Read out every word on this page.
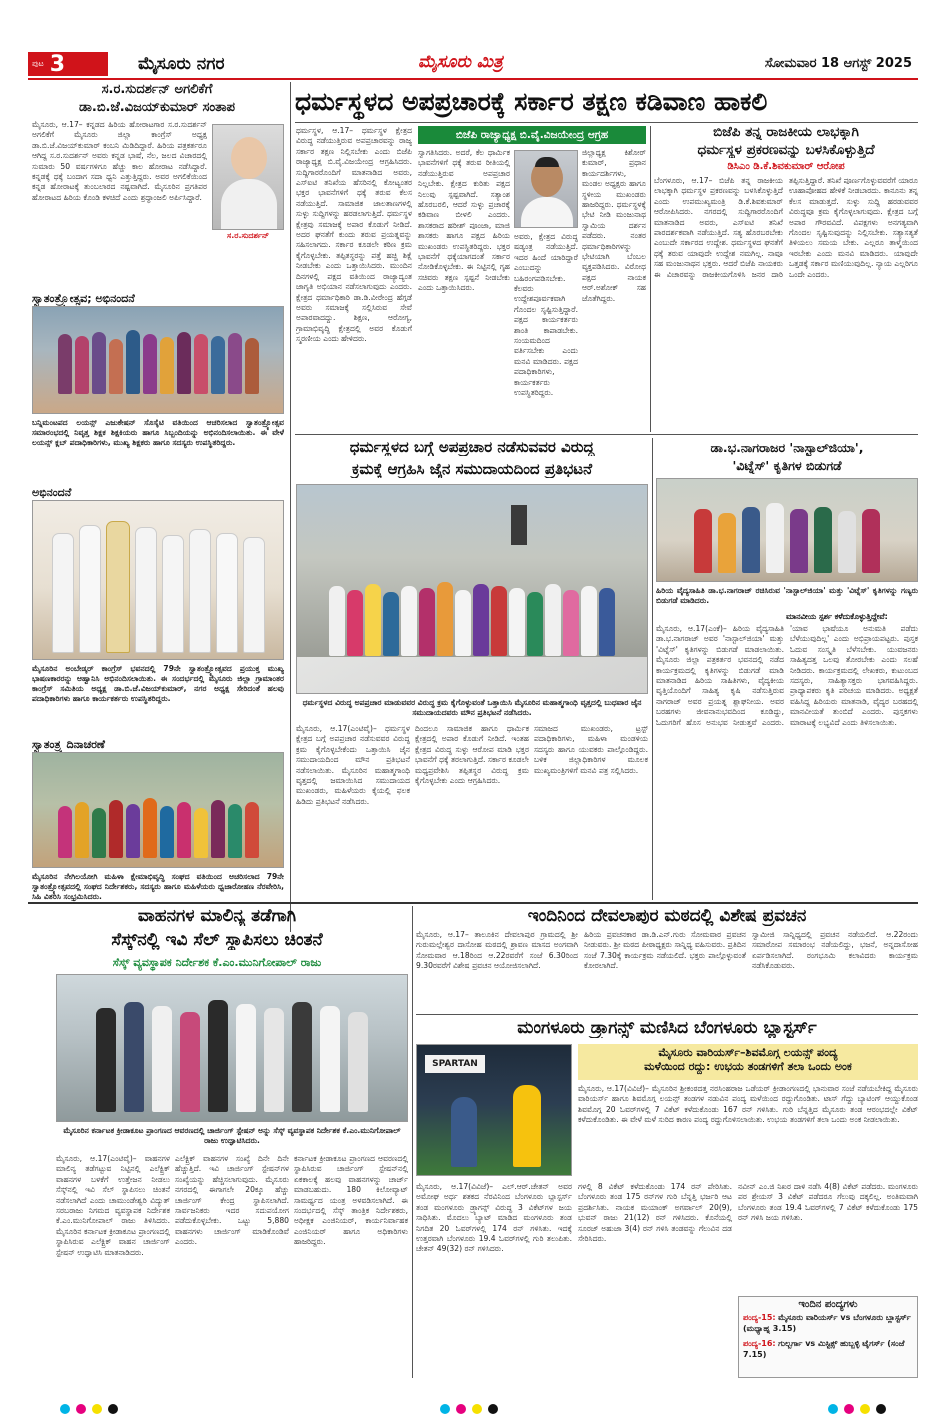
ಪುಟ 3	ಮೈಸೂರು ನಗರ	ಮೈಸೂರು ಮಿತ್ರ	ಸೋಮವಾರ 18 ಆಗಸ್ಟ್ 2025
ಸ.ರ.ಸುದರ್ಶನ್ ಅಗಲಿಕೆಗೆ
ಡಾ.ಬಿ.ಜೆ.ವಿಜಯ್‌ಕುಮಾರ್ ಸಂತಾಪ
ಮೈಸೂರು, ಆ.17– ಕನ್ನಡದ ಹಿರಿಯ ಹೋರಾಟಗಾರ ಸ.ರ.ಸುದರ್ಶನ್ ಅಗಲಿಕೆಗೆ ಮೈಸೂರು ಜಿಲ್ಲಾ ಕಾಂಗ್ರೆಸ್ ಅಧ್ಯಕ್ಷ ಡಾ.ಬಿ.ಜೆ.ವಿಜಯ್‌ಕುಮಾರ್ ಕಂಬನಿ ಮಿಡಿದಿದ್ದಾರೆ. ಹಿರಿಯ ಪತ್ರಕರ್ತರೂ ಆಗಿದ್ದ ಸ.ರ.ಸುದರ್ಶನ್ ಅವರು ಕನ್ನಡ ಭಾಷೆ, ನೆಲ, ಜಲದ ವಿಚಾರದಲ್ಲಿ ಸುಮಾರು 50 ವರ್ಷಗಳಿಗೂ ಹೆಚ್ಚು ಕಾಲ ಹೋರಾಟ ನಡೆಸಿದ್ದಾರೆ. ಕನ್ನಡಕ್ಕೆ ಧಕ್ಕೆ ಬಂದಾಗ ಸದಾ ಧ್ವನಿ ಎತ್ತುತ್ತಿದ್ದರು. ಅವರ ಅಗಲಿಕೆಯಿಂದ ಕನ್ನಡ ಹೋರಾಟಕ್ಕೆ ತುಂಬಲಾರದ ನಷ್ಟವಾಗಿದೆ. ಮೈಸೂರಿನ ಪ್ರಗತಿಪರ ಹೋರಾಟದ ಹಿರಿಯ ಕೊಂಡಿ ಕಳಚಿದೆ ಎಂದು ಶ್ರದ್ಧಾಂಜಲಿ ಅರ್ಪಿಸಿದ್ದಾರೆ.
ಸ.ರ.ಸುದರ್ಶನ್
ಸ್ವಾತಂತ್ರ್ಯೋತ್ಸವ; ಅಭಿನಂದನೆ
ಬನ್ನಿಮಂಟಪದ ಲಯನ್ಸ್ ಎಜುಕೇಷನ್ ಸೊಸೈಟಿ ವತಿಯಿಂದ ಆಚರಿಸಲಾದ ಸ್ವಾತಂತ್ರ್ಯೋತ್ಸವ ಸಮಾರಂಭದಲ್ಲಿ ನಿವೃತ್ತ ಶಿಕ್ಷಕ ಶಿಕ್ಷಕಿಯರು ಹಾಗೂ ಸಿಬ್ಬಂದಿಯನ್ನು ಅಭಿನಂದಿಸಲಾಯಿತು. ಈ ವೇಳೆ ಲಯನ್ಸ್ ಕ್ಲಬ್ ಪದಾಧಿಕಾರಿಗಳು, ಮುಖ್ಯ ಶಿಕ್ಷಕರು ಹಾಗೂ ಸದಸ್ಯರು ಉಪಸ್ಥಿತರಿದ್ದರು.
ಅಭಿನಂದನೆ
ಮೈಸೂರಿನ ಅಂಬೇಡ್ಕರ್ ಕಾಂಗ್ರೆಸ್ ಭವನದಲ್ಲಿ 79ನೇ ಸ್ವಾತಂತ್ರ್ಯೋತ್ಸವದ ಪ್ರಯುಕ್ತ ಮುಖ್ಯ ಭಾಷಣಕಾರರನ್ನು ಆಹ್ವಾನಿಸಿ ಅಭಿನಂದಿಸಲಾಯಿತು. ಈ ಸಂದರ್ಭದಲ್ಲಿ ಮೈಸೂರು ಜಿಲ್ಲಾ ಗ್ರಾಮಾಂತರ ಕಾಂಗ್ರೆಸ್ ಸಮಿತಿಯ ಅಧ್ಯಕ್ಷ ಡಾ.ಬಿ.ಜೆ.ವಿಜಯ್‌ಕುಮಾರ್, ನಗರ ಅಧ್ಯಕ್ಷ ಸೇರಿದಂತೆ ಹಲವು ಪದಾಧಿಕಾರಿಗಳು ಹಾಗೂ ಕಾರ್ಯಕರ್ತರು ಉಪಸ್ಥಿತರಿದ್ದರು.
ಸ್ವಾತಂತ್ರ್ಯ ದಿನಾಚರಣೆ
ಮೈಸೂರಿನ ನೇಗಿಲಯೋಗಿ ಮಹಿಳಾ ಕ್ಷೇಮಾಭಿವೃದ್ಧಿ ಸಂಘದ ವತಿಯಿಂದ ಆಚರಿಸಲಾದ 79ನೇ ಸ್ವಾತಂತ್ರ್ಯೋತ್ಸವದಲ್ಲಿ ಸಂಘದ ನಿರ್ದೇಶಕರು, ಸದಸ್ಯರು ಹಾಗೂ ಮಹಿಳೆಯರು ಧ್ವಜಾರೋಹಣ ನೆರವೇರಿಸಿ, ಸಿಹಿ ವಿತರಿಸಿ ಸಂಭ್ರಮಿಸಿದರು.
ಧರ್ಮಸ್ಥಳದ ಅಪಪ್ರಚಾರಕ್ಕೆ ಸರ್ಕಾರ ತಕ್ಷಣ ಕಡಿವಾಣ ಹಾಕಲಿ
ಧರ್ಮಸ್ಥಳ, ಆ.17– ಧರ್ಮಸ್ಥಳ ಕ್ಷೇತ್ರದ ವಿರುದ್ಧ ನಡೆಯುತ್ತಿರುವ ಅಪಪ್ರಚಾರವನ್ನು ರಾಜ್ಯ ಸರ್ಕಾರ ತಕ್ಷಣ ನಿಲ್ಲಿಸಬೇಕು ಎಂದು ಬಿಜೆಪಿ ರಾಜ್ಯಾಧ್ಯಕ್ಷ ಬಿ.ವೈ.ವಿಜಯೇಂದ್ರ ಆಗ್ರಹಿಸಿದರು. ಸುದ್ದಿಗಾರರೊಂದಿಗೆ ಮಾತನಾಡಿದ ಅವರು, ಎಸ್‌ಐಟಿ ತನಿಖೆಯ ಹೆಸರಿನಲ್ಲಿ ಕೋಟ್ಯಂತರ ಭಕ್ತರ ಭಾವನೆಗಳಿಗೆ ಧಕ್ಕೆ ತರುವ ಕೆಲಸ ನಡೆಯುತ್ತಿದೆ. ಸಾಮಾಜಿಕ ಜಾಲತಾಣಗಳಲ್ಲಿ ಸುಳ್ಳು ಸುದ್ದಿಗಳನ್ನು ಹರಡಲಾಗುತ್ತಿದೆ. ಧರ್ಮಸ್ಥಳ ಕ್ಷೇತ್ರವು ಸಮಾಜಕ್ಕೆ ಅಪಾರ ಕೊಡುಗೆ ನೀಡಿದೆ. ಅದರ ಘನತೆಗೆ ಕುಂದು ತರುವ ಪ್ರಯತ್ನವನ್ನು ಸಹಿಸಲಾಗದು. ಸರ್ಕಾರ ಕೂಡಲೇ ಕಠಿಣ ಕ್ರಮ ಕೈಗೊಳ್ಳಬೇಕು. ತಪ್ಪಿತಸ್ಥರನ್ನು ಪತ್ತೆ ಹಚ್ಚಿ ಶಿಕ್ಷೆ ನೀಡಬೇಕು ಎಂದು ಒತ್ತಾಯಿಸಿದರು. ಮುಂದಿನ ದಿನಗಳಲ್ಲಿ ಪಕ್ಷದ ವತಿಯಿಂದ ರಾಜ್ಯಾದ್ಯಂತ ಜಾಗೃತಿ ಅಭಿಯಾನ ನಡೆಸಲಾಗುವುದು ಎಂದರು. ಕ್ಷೇತ್ರದ ಧರ್ಮಾಧಿಕಾರಿ ಡಾ.ಡಿ.ವೀರೇಂದ್ರ ಹೆಗ್ಗಡೆ ಅವರು ಸಮಾಜಕ್ಕೆ ಸಲ್ಲಿಸಿರುವ ಸೇವೆ ಅಪಾರವಾದದ್ದು. ಶಿಕ್ಷಣ, ಆರೋಗ್ಯ, ಗ್ರಾಮಾಭಿವೃದ್ಧಿ ಕ್ಷೇತ್ರದಲ್ಲಿ ಅವರ ಕೊಡುಗೆ ಸ್ಮರಣೀಯ ಎಂದು ಹೇಳಿದರು.
ಬಿಜೆಪಿ ರಾಜ್ಯಾಧ್ಯಕ್ಷ ಬಿ.ವೈ.ವಿಜಯೇಂದ್ರ ಆಗ್ರಹ
ಸ್ವಾಗತಿಸಿದರು. ಅದರೆ, ಕೆಲ ಧಾರ್ಮಿಕ ಭಾವನೆಗಳಿಗೆ ಧಕ್ಕೆ ತರುವ ರೀತಿಯಲ್ಲಿ ನಡೆಯುತ್ತಿರುವ ಅಪಪ್ರಚಾರ ನಿಲ್ಲಬೇಕು. ಕ್ಷೇತ್ರದ ಕುರಿತು ಪಕ್ಷದ ನಿಲುವು ಸ್ಪಷ್ಟವಾಗಿದೆ. ಸತ್ಯಾಂಶ ಹೊರಬರಲಿ, ಆದರೆ ಸುಳ್ಳು ಪ್ರಚಾರಕ್ಕೆ ಕಡಿವಾಣ ಬೀಳಲಿ ಎಂದರು. ಶಾಸಕರಾದ ಹರೀಶ್ ಪೂಂಜಾ, ಮಾಜಿ ಶಾಸಕರು ಹಾಗೂ ಪಕ್ಷದ ಹಿರಿಯ ಮುಖಂಡರು ಉಪಸ್ಥಿತರಿದ್ದರು. ಭಕ್ತರ ಭಾವನೆಗೆ ಧಕ್ಕೆಯಾಗದಂತೆ ಸರ್ಕಾರ ನೋಡಿಕೊಳ್ಳಬೇಕು. ಈ ನಿಟ್ಟಿನಲ್ಲಿ ಗೃಹ ಸಚಿವರು ತಕ್ಷಣ ಸ್ಪಷ್ಟನೆ ನೀಡಬೇಕು ಎಂದು ಒತ್ತಾಯಿಸಿದರು.
ಅವರು, ಕ್ಷೇತ್ರದ ವಿರುದ್ಧ ಷಡ್ಯಂತ್ರ ನಡೆಯುತ್ತಿದೆ. ಇದರ ಹಿಂದೆ ಯಾರಿದ್ದಾರೆ ಎಂಬುದನ್ನು ಬಹಿರಂಗಪಡಿಸಬೇಕು. ಕೆಲವರು ಉದ್ದೇಶಪೂರ್ವಕವಾಗಿ ಗೊಂದಲ ಸೃಷ್ಟಿಸುತ್ತಿದ್ದಾರೆ. ಪಕ್ಷದ ಕಾರ್ಯಕರ್ತರು ಶಾಂತಿ ಕಾಪಾಡಬೇಕು. ಸಂಯಮದಿಂದ ವರ್ತಿಸಬೇಕು ಎಂದು ಮನವಿ ಮಾಡಿದರು. ಪಕ್ಷದ ಪದಾಧಿಕಾರಿಗಳು, ಕಾರ್ಯಕರ್ತರು ಉಪಸ್ಥಿತರಿದ್ದರು.
ಜಿಲ್ಲಾಧ್ಯಕ್ಷ ಕಿಶೋರ್ ಕುಮಾರ್, ಪ್ರಧಾನ ಕಾರ್ಯದರ್ಶಿಗಳು, ಮಂಡಲ ಅಧ್ಯಕ್ಷರು ಹಾಗೂ ಸ್ಥಳೀಯ ಮುಖಂಡರು ಹಾಜರಿದ್ದರು. ಧರ್ಮಸ್ಥಳಕ್ಕೆ ಭೇಟಿ ನೀಡಿ ಮಂಜುನಾಥ ಸ್ವಾಮಿಯ ದರ್ಶನ ಪಡೆದರು. ನಂತರ ಧರ್ಮಾಧಿಕಾರಿಗಳನ್ನು ಭೇಟಿಯಾಗಿ ಬೆಂಬಲ ವ್ಯಕ್ತಪಡಿಸಿದರು. ವಿರೋಧ ಪಕ್ಷದ ನಾಯಕ ಆರ್.ಅಶೋಕ್ ಸಹ ಜೊತೆಗಿದ್ದರು.
ಬಿಜೆಪಿ ತನ್ನ ರಾಜಕೀಯ ಲಾಭಕ್ಕಾಗಿ
ಧರ್ಮಸ್ಥಳ ಪ್ರಕರಣವನ್ನು ಬಳಸಿಕೊಳ್ಳುತ್ತಿದೆ
ಡಿಸಿಎಂ ಡಿ.ಕೆ.ಶಿವಕುಮಾರ್ ಆರೋಪ
ಬೆಂಗಳೂರು, ಆ.17– ಬಿಜೆಪಿ ತನ್ನ ರಾಜಕೀಯ ಲಾಭಕ್ಕಾಗಿ ಧರ್ಮಸ್ಥಳ ಪ್ರಕರಣವನ್ನು ಬಳಸಿಕೊಳ್ಳುತ್ತಿದೆ ಎಂದು ಉಪಮುಖ್ಯಮಂತ್ರಿ ಡಿ.ಕೆ.ಶಿವಕುಮಾರ್ ಆರೋಪಿಸಿದರು. ನಗರದಲ್ಲಿ ಸುದ್ದಿಗಾರರೊಂದಿಗೆ ಮಾತನಾಡಿದ ಅವರು, ಎಸ್‌ಐಟಿ ತನಿಖೆ ಪಾರದರ್ಶಕವಾಗಿ ನಡೆಯುತ್ತಿದೆ. ಸತ್ಯ ಹೊರಬರಬೇಕು ಎಂಬುದೇ ಸರ್ಕಾರದ ಉದ್ದೇಶ. ಧರ್ಮಸ್ಥಳದ ಘನತೆಗೆ ಧಕ್ಕೆ ತರುವ ಯಾವುದೇ ಉದ್ದೇಶ ನಮಗಿಲ್ಲ. ನಾವೂ ಸಹ ಮಂಜುನಾಥನ ಭಕ್ತರು. ಆದರೆ ಬಿಜೆಪಿ ನಾಯಕರು ಈ ವಿಚಾರವನ್ನು ರಾಜಕೀಯಗೊಳಿಸಿ ಜನರ ದಾರಿ ತಪ್ಪಿಸುತ್ತಿದ್ದಾರೆ. ತನಿಖೆ ಪೂರ್ಣಗೊಳ್ಳುವವರೆಗೆ ಯಾರೂ ಊಹಾಪೋಹದ ಹೇಳಿಕೆ ನೀಡಬಾರದು. ಕಾನೂನು ತನ್ನ ಕೆಲಸ ಮಾಡುತ್ತದೆ. ಸುಳ್ಳು ಸುದ್ದಿ ಹರಡುವವರ ವಿರುದ್ಧವೂ ಕ್ರಮ ಕೈಗೊಳ್ಳಲಾಗುವುದು. ಕ್ಷೇತ್ರದ ಬಗ್ಗೆ ಅಪಾರ ಗೌರವವಿದೆ. ವಿಪಕ್ಷಗಳು ಅನಗತ್ಯವಾಗಿ ಗೊಂದಲ ಸೃಷ್ಟಿಸುವುದನ್ನು ನಿಲ್ಲಿಸಬೇಕು. ಸತ್ಯಾಸತ್ಯತೆ ತಿಳಿಯಲು ಸಮಯ ಬೇಕು. ಎಲ್ಲರೂ ತಾಳ್ಮೆಯಿಂದ ಇರಬೇಕು ಎಂದು ಮನವಿ ಮಾಡಿದರು. ಯಾವುದೇ ಒತ್ತಡಕ್ಕೆ ಸರ್ಕಾರ ಮಣಿಯುವುದಿಲ್ಲ. ನ್ಯಾಯ ಎಲ್ಲರಿಗೂ ಒಂದೇ ಎಂದರು.
ಧರ್ಮಸ್ಥಳದ ಬಗ್ಗೆ ಅಪಪ್ರಚಾರ ನಡೆಸುವವರ ವಿರುದ್ಧ
ಕ್ರಮಕ್ಕೆ ಆಗ್ರಹಿಸಿ ಜೈನ ಸಮುದಾಯದಿಂದ ಪ್ರತಿಭಟನೆ
ಧರ್ಮಸ್ಥಳದ ವಿರುದ್ಧ ಅಪಪ್ರಚಾರ ಮಾಡುವವರ ವಿರುದ್ಧ ಕ್ರಮ ಕೈಗೊಳ್ಳುವಂತೆ ಒತ್ತಾಯಿಸಿ ಮೈಸೂರಿನ ಮಹಾತ್ಮಗಾಂಧಿ ವೃತ್ತದಲ್ಲಿ ಬುಧವಾರ ಜೈನ ಸಮುದಾಯದವರು ಮೌನ ಪ್ರತಿಭಟನೆ ನಡೆಸಿದರು.
ಮೈಸೂರು, ಆ.17(ಎಂಟಿವೈ)– ಧರ್ಮಸ್ಥಳ ಕ್ಷೇತ್ರದ ಬಗ್ಗೆ ಅಪಪ್ರಚಾರ ನಡೆಸುವವರ ವಿರುದ್ಧ ಕ್ರಮ ಕೈಗೊಳ್ಳಬೇಕೆಂದು ಒತ್ತಾಯಿಸಿ ಜೈನ ಸಮುದಾಯದಿಂದ ಮೌನ ಪ್ರತಿಭಟನೆ ನಡೆಸಲಾಯಿತು. ಮೈಸೂರಿನ ಮಹಾತ್ಮಗಾಂಧಿ ವೃತ್ತದಲ್ಲಿ ಜಮಾಯಿಸಿದ ಸಮುದಾಯದ ಮುಖಂಡರು, ಮಹಿಳೆಯರು ಕೈಯಲ್ಲಿ ಫಲಕ ಹಿಡಿದು ಪ್ರತಿಭಟನೆ ನಡೆಸಿದರು.
ದಿಂದಲೂ ಸಾಮಾಜಿಕ ಹಾಗೂ ಧಾರ್ಮಿಕ ಕ್ಷೇತ್ರದಲ್ಲಿ ಅಪಾರ ಕೊಡುಗೆ ನೀಡಿದೆ. ಇಂತಹ ಕ್ಷೇತ್ರದ ವಿರುದ್ಧ ಸುಳ್ಳು ಆರೋಪ ಮಾಡಿ ಭಕ್ತರ ಭಾವನೆಗೆ ಧಕ್ಕೆ ತರಲಾಗುತ್ತಿದೆ. ಸರ್ಕಾರ ಕೂಡಲೇ ಮಧ್ಯಪ್ರವೇಶಿಸಿ ತಪ್ಪಿತಸ್ಥರ ವಿರುದ್ಧ ಕ್ರಮ ಕೈಗೊಳ್ಳಬೇಕು ಎಂದು ಆಗ್ರಹಿಸಿದರು.
ಸಮಾಜದ ಮುಖಂಡರು, ಟ್ರಸ್ಟ್ ಪದಾಧಿಕಾರಿಗಳು, ಮಹಿಳಾ ಮಂಡಳಿಯ ಸದಸ್ಯರು ಹಾಗೂ ಯುವಕರು ಪಾಲ್ಗೊಂಡಿದ್ದರು. ಬಳಿಕ ಜಿಲ್ಲಾಧಿಕಾರಿಗಳ ಮೂಲಕ ಮುಖ್ಯಮಂತ್ರಿಗಳಿಗೆ ಮನವಿ ಪತ್ರ ಸಲ್ಲಿಸಿದರು.
ಡಾ.ಭ.ನಾಗರಾಜರ 'ನಾಸ್ಟಾಲ್‌ಜಿಯಾ',
'ವಿಟ್ನೆಸ್' ಕೃತಿಗಳ ಬಿಡುಗಡೆ
ಹಿರಿಯ ವೈದ್ಯಸಾಹಿತಿ ಡಾ.ಭ.ನಾಗರಾಜ್ ರಚಿಸಿರುವ 'ನಾಸ್ಟಾಲ್‌ಜಿಯಾ' ಮತ್ತು 'ವಿಟ್ನೆಸ್' ಕೃತಿಗಳನ್ನು ಗಣ್ಯರು ಬಿಡುಗಡೆ ಮಾಡಿದರು.
ಮಾನವೀಯ ಸ್ಪರ್ಶ ಕಳೆದುಕೊಳ್ಳುತ್ತಿದ್ದೇವೆ:
ಮೈಸೂರು, ಆ.17(ಎಂಕೆ)– ಹಿರಿಯ ವೈದ್ಯಸಾಹಿತಿ ಡಾ.ಭ.ನಾಗರಾಜ್ ಅವರ 'ನಾಸ್ಟಾಲ್‌ಜಿಯಾ' ಮತ್ತು 'ವಿಟ್ನೆಸ್' ಕೃತಿಗಳನ್ನು ಬಿಡುಗಡೆ ಮಾಡಲಾಯಿತು. ಮೈಸೂರು ಜಿಲ್ಲಾ ಪತ್ರಕರ್ತರ ಭವನದಲ್ಲಿ ನಡೆದ ಕಾರ್ಯಕ್ರಮದಲ್ಲಿ ಕೃತಿಗಳನ್ನು ಬಿಡುಗಡೆ ಮಾಡಿ ಮಾತನಾಡಿದ ಹಿರಿಯ ಸಾಹಿತಿಗಳು, ವೈದ್ಯಕೀಯ ವೃತ್ತಿಯೊಂದಿಗೆ ಸಾಹಿತ್ಯ ಕೃಷಿ ನಡೆಸುತ್ತಿರುವ ನಾಗರಾಜ್ ಅವರ ಪ್ರಯತ್ನ ಶ್ಲಾಘನೀಯ. ಅವರ ಬರಹಗಳು ಜೀವನಾನುಭವದಿಂದ ಕೂಡಿದ್ದು, ಓದುಗರಿಗೆ ಹೊಸ ಅನುಭವ ನೀಡುತ್ತವೆ ಎಂದರು. 'ಯಾವ ಭಾಷೆಯೂ ಅನುಮತಿ ಪಡೆದು ಬೆಳೆಯುವುದಿಲ್ಲ' ಎಂದು ಅಭಿಪ್ರಾಯಪಟ್ಟರು. ಪುಸ್ತಕ ಓದುವ ಸಂಸ್ಕೃತಿ ಬೆಳೆಸಬೇಕು. ಯುವಜನರು ಸಾಹಿತ್ಯದತ್ತ ಒಲವು ತೋರಬೇಕು ಎಂದು ಸಲಹೆ ನೀಡಿದರು. ಕಾರ್ಯಕ್ರಮದಲ್ಲಿ ಲೇಖಕರು, ಕುಟುಂಬದ ಸದಸ್ಯರು, ಸಾಹಿತ್ಯಾಸಕ್ತರು ಭಾಗವಹಿಸಿದ್ದರು. ಪ್ರಾಧ್ಯಾಪಕರು ಕೃತಿ ಪರಿಚಯ ಮಾಡಿದರು. ಅಧ್ಯಕ್ಷತೆ ವಹಿಸಿದ್ದ ಹಿರಿಯರು ಮಾತನಾಡಿ, ವೈದ್ಯರ ಬರಹದಲ್ಲಿ ಮಾನವೀಯತೆ ತುಂಬಿದೆ ಎಂದರು. ಪುಸ್ತಕಗಳು ಮಾರಾಟಕ್ಕೆ ಲಭ್ಯವಿದೆ ಎಂದು ತಿಳಿಸಲಾಯಿತು.
ವಾಹನಗಳ ಮಾಲಿನ್ಯ ತಡೆಗಾಗಿ
ಸೆಸ್ಕ್‌ನಲ್ಲಿ ಇವಿ ಸೆಲ್ ಸ್ಥಾಪಿಸಲು ಚಿಂತನೆ
ಸೆಸ್ಕ್ ವ್ಯವಸ್ಥಾಪಕ ನಿರ್ದೇಶಕ ಕೆ.ಎಂ.ಮುನಿಗೋಪಾಲ್ ರಾಜು
ಮೈಸೂರಿನ ಕರ್ನಾಟಕ ಕ್ರೀಡಾಕೂಟ ಪ್ರಾಂಗಣದ ಆವರಣದಲ್ಲಿ ಚಾರ್ಜಿಂಗ್ ಸ್ಟೇಷನ್ ಅನ್ನು ಸೆಸ್ಕ್ ವ್ಯವಸ್ಥಾಪಕ ನಿರ್ದೇಶಕ ಕೆ.ಎಂ.ಮುನಿಗೋಪಾಲ್ ರಾಜು ಉದ್ಘಾಟಿಸಿದರು.
ಮೈಸೂರು, ಆ.17(ಎಂಟಿವೈ)– ವಾಹನಗಳ ಮಾಲಿನ್ಯ ತಡೆಗಟ್ಟುವ ನಿಟ್ಟಿನಲ್ಲಿ ಎಲೆಕ್ಟ್ರಿಕ್ ವಾಹನಗಳ ಬಳಕೆಗೆ ಉತ್ತೇಜನ ನೀಡಲು ಸೆಸ್ಕ್‌ನಲ್ಲಿ ಇವಿ ಸೆಲ್ ಸ್ಥಾಪಿಸಲು ಚಿಂತನೆ ನಡೆಸಲಾಗಿದೆ ಎಂದು ಚಾಮುಂಡೇಶ್ವರಿ ವಿದ್ಯುತ್ ಸರಬರಾಜು ನಿಗಮದ ವ್ಯವಸ್ಥಾಪಕ ನಿರ್ದೇಶಕ ಕೆ.ಎಂ.ಮುನಿಗೋಪಾಲ್ ರಾಜು ತಿಳಿಸಿದರು. ಮೈಸೂರಿನ ಕರ್ನಾಟಕ ಕ್ರೀಡಾಕೂಟ ಪ್ರಾಂಗಣದಲ್ಲಿ ಸ್ಥಾಪಿಸಿರುವ ಎಲೆಕ್ಟ್ರಿಕ್ ವಾಹನ ಚಾರ್ಜಿಂಗ್ ಸ್ಟೇಷನ್ ಉದ್ಘಾಟಿಸಿ ಮಾತನಾಡಿದರು.
ಎಲೆಕ್ಟ್ರಿಕ್ ವಾಹನಗಳ ಸಂಖ್ಯೆ ದಿನೇ ದಿನೇ ಹೆಚ್ಚುತ್ತಿದೆ. ಇವಿ ಚಾರ್ಜಿಂಗ್ ಸ್ಟೇಷನ್‌ಗಳ ಸಂಖ್ಯೆಯನ್ನು ಹೆಚ್ಚಿಸಲಾಗುವುದು. ಮೈಸೂರು ನಗರದಲ್ಲಿ ಈಗಾಗಲೇ 20ಕ್ಕೂ ಹೆಚ್ಚು ಚಾರ್ಜಿಂಗ್ ಕೇಂದ್ರ ಸ್ಥಾಪಿಸಲಾಗಿದೆ. ಸಾರ್ವಜನಿಕರು ಇದರ ಸದುಪಯೋಗ ಪಡೆದುಕೊಳ್ಳಬೇಕು. ಒಟ್ಟು 5,880 ವಾಹನಗಳು ಚಾರ್ಜಿಂಗ್ ಮಾಡಿಕೊಂಡಿವೆ ಎಂದರು.
ಕರ್ನಾಟಕ ಕ್ರೀಡಾಕೂಟ ಪ್ರಾಂಗಣದ ಆವರಣದಲ್ಲಿ ಸ್ಥಾಪಿಸಿರುವ ಚಾರ್ಜಿಂಗ್ ಸ್ಟೇಷನ್‌ನಲ್ಲಿ ಏಕಕಾಲಕ್ಕೆ ಹಲವು ವಾಹನಗಳನ್ನು ಚಾರ್ಜ್ ಮಾಡಬಹುದು. 180 ಕಿಲೋವ್ಯಾಟ್ ಸಾಮರ್ಥ್ಯದ ಯಂತ್ರ ಅಳವಡಿಸಲಾಗಿದೆ. ಈ ಸಂದರ್ಭದಲ್ಲಿ ಸೆಸ್ಕ್ ತಾಂತ್ರಿಕ ನಿರ್ದೇಶಕರು, ಅಧೀಕ್ಷಕ ಎಂಜಿನಿಯರ್, ಕಾರ್ಯನಿರ್ವಾಹಕ ಎಂಜಿನಿಯರ್ ಹಾಗೂ ಅಧಿಕಾರಿಗಳು ಹಾಜರಿದ್ದರು.
ಇಂದಿನಿಂದ ದೇವಲಾಪುರ ಮಠದಲ್ಲಿ ವಿಶೇಷ ಪ್ರವಚನ
ಮೈಸೂರು, ಆ.17– ತಾಲೂಕಿನ ದೇವಲಾಪುರ ಗ್ರಾಮದಲ್ಲಿ ಶ್ರೀ ಗುರುಮಲ್ಲೇಶ್ವರ ದಾಸೋಹ ಮಠದಲ್ಲಿ ಶ್ರಾವಣ ಮಾಸದ ಅಂಗವಾಗಿ ಸೋಮವಾರ ಆ.18ರಿಂದ ಆ.22ರವರೆಗೆ ಸಂಜೆ 6.30ರಿಂದ 9.30ರವರೆಗೆ ವಿಶೇಷ ಪ್ರವಚನ ಆಯೋಜಿಸಲಾಗಿದೆ.
ಹಿರಿಯ ಪ್ರವಚನಕಾರ ಡಾ.ಡಿ.ಎನ್.ಗುರು ಸೋಮವಾರ ಪ್ರವಚನ ನೀಡುವರು. ಶ್ರೀ ಮಠದ ಪೀಠಾಧ್ಯಕ್ಷರು ಸಾನ್ನಿಧ್ಯ ವಹಿಸುವರು. ಪ್ರತಿದಿನ ಸಂಜೆ 7.30ಕ್ಕೆ ಕಾರ್ಯಕ್ರಮ ನಡೆಯಲಿದೆ. ಭಕ್ತರು ಪಾಲ್ಗೊಳ್ಳುವಂತೆ ಕೋರಲಾಗಿದೆ.
ಸ್ವಾಮೀಜಿ ಸಾನ್ನಿಧ್ಯದಲ್ಲಿ ಪ್ರವಚನ ನಡೆಯಲಿದೆ. ಆ.22ರಂದು ಸಮಾರೋಪ ಸಮಾರಂಭ ನಡೆಯಲಿದ್ದು, ಭಜನೆ, ಅನ್ನದಾಸೋಹ ಏರ್ಪಡಿಸಲಾಗಿದೆ. ರಂಗಭೂಮಿ ಕಲಾವಿದರು ಕಾರ್ಯಕ್ರಮ ನಡೆಸಿಕೊಡುವರು.
ಮಂಗಳೂರು ಡ್ರ್ಯಾಗನ್ಸ್ ಮಣಿಸಿದ ಬೆಂಗಳೂರು ಬ್ಲಾಸ್ಟರ್ಸ್
SPARTAN
ಮೈಸೂರು ವಾರಿಯರ್ಸ್–ಶಿವಮೊಗ್ಗ ಲಯನ್ಸ್ ಪಂದ್ಯ
ಮಳೆಯಿಂದ ರದ್ದು: ಉಭಯ ತಂಡಗಳಿಗೆ ತಲಾ ಒಂದು ಅಂಕ
ಮೈಸೂರು, ಆ.17(ವಿವಿಜೆ)– ಮೈಸೂರಿನ ಶ್ರೀಕಂಠದತ್ತ ನರಸಿಂಹರಾಜ ಒಡೆಯರ್ ಕ್ರೀಡಾಂಗಣದಲ್ಲಿ ಭಾನುವಾರ ಸಂಜೆ ನಡೆಯಬೇಕಿದ್ದ ಮೈಸೂರು ವಾರಿಯರ್ಸ್ ಹಾಗೂ ಶಿವಮೊಗ್ಗ ಲಯನ್ಸ್ ತಂಡಗಳ ನಡುವಿನ ಪಂದ್ಯ ಮಳೆಯಿಂದ ರದ್ದುಗೊಂಡಿತು. ಟಾಸ್ ಗೆದ್ದು ಬ್ಯಾಟಿಂಗ್ ಆಯ್ದುಕೊಂಡ ಶಿವಮೊಗ್ಗ 20 ಓವರ್‌ಗಳಲ್ಲಿ 7 ವಿಕೆಟ್ ಕಳೆದುಕೊಂಡು 167 ರನ್ ಗಳಿಸಿತು. ಗುರಿ ಬೆನ್ನತ್ತಿದ ಮೈಸೂರು ತಂಡ ಆರಂಭದಲ್ಲೇ ವಿಕೆಟ್ ಕಳೆದುಕೊಂಡಿತು. ಈ ವೇಳೆ ಮಳೆ ಸುರಿದ ಕಾರಣ ಪಂದ್ಯ ರದ್ದುಗೊಳಿಸಲಾಯಿತು. ಉಭಯ ತಂಡಗಳಿಗೆ ತಲಾ ಒಂದು ಅಂಕ ನೀಡಲಾಯಿತು.
ಮೈಸೂರು, ಆ.17(ವಿವಿಜೆ)– ಎಲ್.ಆರ್.ಚೇತನ್ ಅವರ ಅಮೋಘ ಅರ್ಧ ಶತಕದ ನೆರವಿನಿಂದ ಬೆಂಗಳೂರು ಬ್ಲಾಸ್ಟರ್ಸ್ ತಂಡ ಮಂಗಳೂರು ಡ್ರ್ಯಾಗನ್ಸ್ ವಿರುದ್ಧ 3 ವಿಕೆಟ್‌ಗಳ ಜಯ ಸಾಧಿಸಿತು. ಮೊದಲು ಬ್ಯಾಟ್ ಮಾಡಿದ ಮಂಗಳೂರು ತಂಡ ನಿಗದಿತ 20 ಓವರ್‌ಗಳಲ್ಲಿ 174 ರನ್ ಗಳಿಸಿತು. ಇದಕ್ಕೆ ಉತ್ತರವಾಗಿ ಬೆಂಗಳೂರು 19.4 ಓವರ್‌ಗಳಲ್ಲಿ ಗುರಿ ತಲುಪಿತು. ಚೇತನ್ 49(32) ರನ್ ಗಳಿಸಿದರು.
ಗಳಲ್ಲಿ 8 ವಿಕೆಟ್ ಕಳೆದುಕೊಂಡು 174 ರನ್ ಪೇರಿಸಿತು. ಬೆಂಗಳೂರು ತಂಡ 175 ರನ್‌ಗಳ ಗುರಿ ಬೆನ್ನತ್ತಿ ಭರ್ಜರಿ ಆಟ ಪ್ರದರ್ಶಿಸಿತು. ನಾಯಕ ಮಯಾಂಕ್ ಅಗರ್ವಾಲ್ 20(9), ಭುವನ್ ರಾಜು 21(12) ರನ್ ಗಳಿಸಿದರು. ಕೊನೆಯಲ್ಲಿ ಸೂರಜ್ ಅಹುಜಾ 3(4) ರನ್ ಗಳಿಸಿ ತಂಡವನ್ನು ಗೆಲುವಿನ ದಡ ಸೇರಿಸಿದರು.
ನವೀನ್ ಎಂ.ಜಿ ನಿಖರ ದಾಳಿ ನಡೆಸಿ 4(8) ವಿಕೆಟ್ ಪಡೆದರು. ಮಂಗಳೂರು ಪರ ಶ್ರೇಯಸ್ 3 ವಿಕೆಟ್ ಪಡೆದರೂ ಗೆಲುವು ದಕ್ಕಲಿಲ್ಲ. ಅಂತಿಮವಾಗಿ ಬೆಂಗಳೂರು ತಂಡ 19.4 ಓವರ್‌ಗಳಲ್ಲಿ 7 ವಿಕೆಟ್ ಕಳೆದುಕೊಂಡು 175 ರನ್ ಗಳಿಸಿ ಜಯ ಗಳಿಸಿತು.
ಇಂದಿನ ಪಂದ್ಯಗಳು
ಪಂದ್ಯ-15: ಮೈಸೂರು ವಾರಿಯರ್ಸ್ vs ಬೆಂಗಳೂರು ಬ್ಲಾಸ್ಟರ್ಸ್ (ಮಧ್ಯಾಹ್ನ 3.15)
ಪಂದ್ಯ-16: ಗುಲ್ಬರ್ಗಾ vs ಮಿಸ್ಟಿಕ್ಸ್ ಹುಬ್ಬಳ್ಳಿ ಟೈಗರ್ಸ್ (ಸಂಜೆ 7.15)
